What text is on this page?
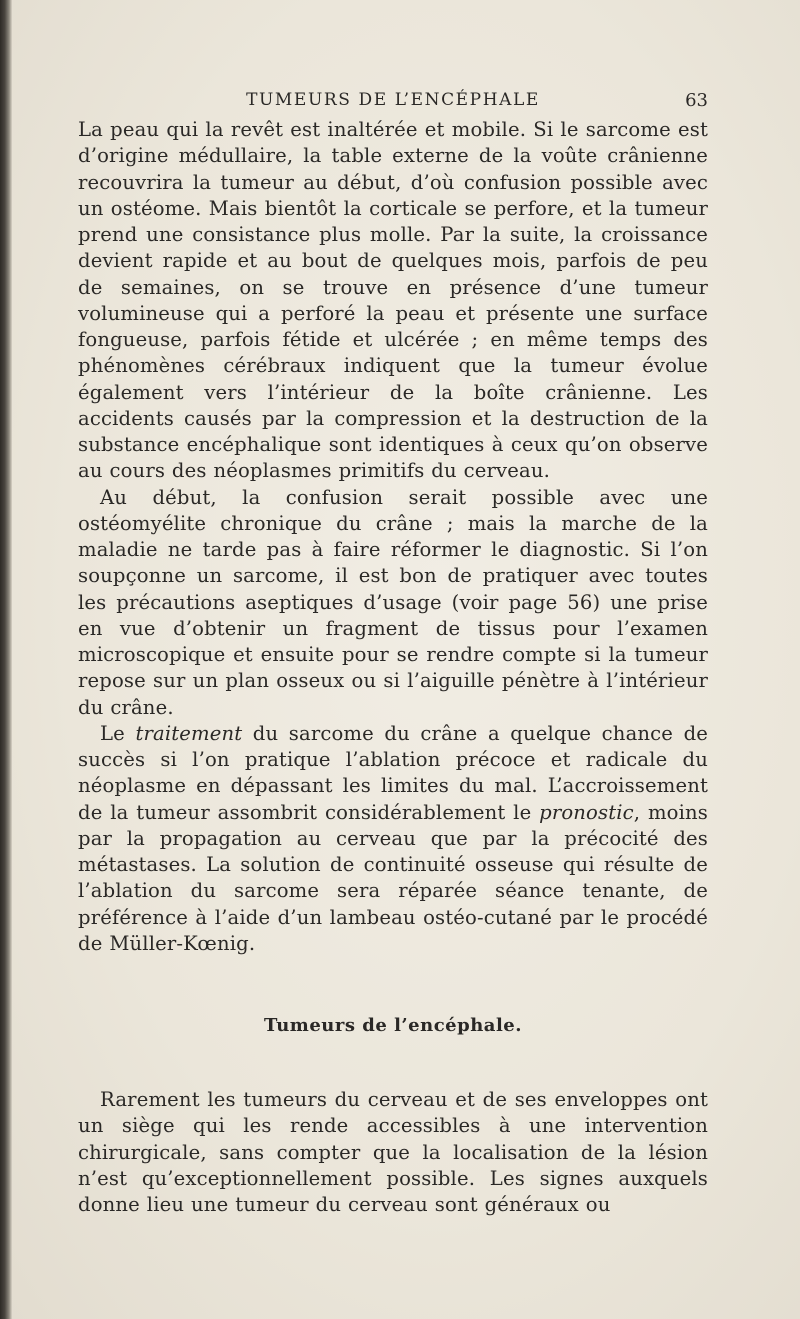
TUMEURS DE L’ENCÉPHALE	63

La peau qui la revêt est inaltérée et mobile. Si le sarcome est d’origine médullaire, la table externe de la voûte crânienne recouvrira la tumeur au début, d’où confusion possible avec un ostéome. Mais bientôt la corticale se perfore, et la tumeur prend une consistance plus molle. Par la suite, la croissance devient rapide et au bout de quelques mois, parfois de peu de semaines, on se trouve en présence d’une tumeur volumineuse qui a perforé la peau et présente une surface fongueuse, parfois fétide et ulcérée ; en même temps des phénomènes cérébraux indiquent que la tumeur évolue également vers l’intérieur de la boîte crânienne. Les accidents causés par la compression et la destruction de la substance encéphalique sont identiques à ceux qu’on observe au cours des néoplasmes primitifs du cerveau.

Au début, la confusion serait possible avec une ostéomyélite chronique du crâne ; mais la marche de la maladie ne tarde pas à faire réformer le diagnostic. Si l’on soupçonne un sarcome, il est bon de pratiquer avec toutes les précautions aseptiques d’usage (voir page 56) une prise en vue d’obtenir un fragment de tissus pour l’examen microscopique et ensuite pour se rendre compte si la tumeur repose sur un plan osseux ou si l’aiguille pénètre à l’intérieur du crâne.

Le traitement du sarcome du crâne a quelque chance de succès si l’on pratique l’ablation précoce et radicale du néoplasme en dépassant les limites du mal. L’accroissement de la tumeur assombrit considérablement le pronostic, moins par la propagation au cerveau que par la précocité des métastases. La solution de continuité osseuse qui résulte de l’ablation du sarcome sera réparée séance tenante, de préférence à l’aide d’un lambeau ostéo-cutané par le procédé de Müller-Kœnig.

Tumeurs de l’encéphale.

Rarement les tumeurs du cerveau et de ses enveloppes ont un siège qui les rende accessibles à une intervention chirurgicale, sans compter que la localisation de la lésion n’est qu’exceptionnellement possible. Les signes auxquels donne lieu une tumeur du cerveau sont généraux ou
